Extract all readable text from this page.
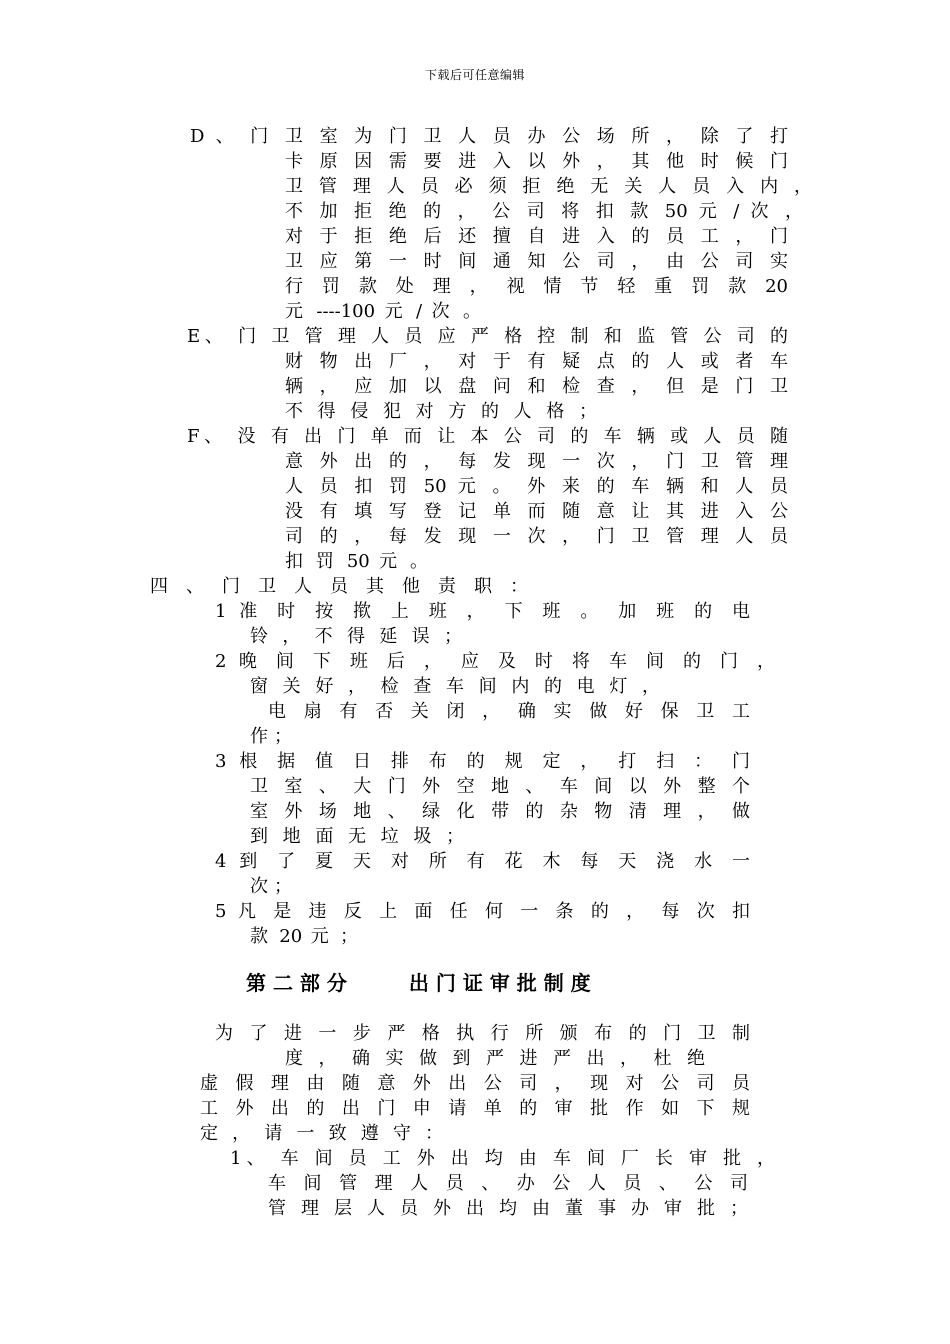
下载后可任意编辑
D 、 门 卫 室 为 门 卫 人 员 办 公 场 所 ， 除 了 打
卡 原 因 需 要 进 入 以 外 ， 其 他 时 候 门
卫 管 理 人 员 必 须 拒 绝 无 关 人 员 入 内 ，
不 加 拒 绝 的 ， 公 司 将 扣 款 50 元 / 次 ，
对 于 拒 绝 后 还 擅 自 进 入 的 员 工 ， 门
卫 应 第 一 时 间 通 知 公 司 ， 由 公 司 实
行 罚 款 处 理 ， 视 情 节 轻 重 罚 款 20
元 ----100 元 / 次 。
E、 门 卫 管 理 人 员 应 严 格 控 制 和 监 管 公 司 的
财 物 出 厂 ， 对 于 有 疑 点 的 人 或 者 车
辆 ， 应 加 以 盘 问 和 检 查 ， 但 是 门 卫
不 得 侵 犯 对 方 的 人 格 ；
F、 没 有 出 门 单 而 让 本 公 司 的 车 辆 或 人 员 随
意 外 出 的 ， 每 发 现 一 次 ， 门 卫 管 理
人 员 扣 罚 50 元 。 外 来 的 车 辆 和 人 员
没 有 填 写 登 记 单 而 随 意 让 其 进 入 公
司 的 ， 每 发 现 一 次 ， 门 卫 管 理 人 员
扣 罚 50 元 。
四 、 门 卫 人 员 其 他 责 职 ：
1 准 时 按 揿 上 班 ， 下 班 。 加 班 的 电
铃 ， 不 得 延 误 ；
2 晚 间 下 班 后 ， 应 及 时 将 车 间 的 门 ，
窗 关 好 ， 检 查 车 间 内 的 电 灯 ，
电 扇 有 否 关 闭 ， 确 实 做 好 保 卫 工
作 ；
3 根 据 值 日 排 布 的 规 定 ， 打 扫 ： 门
卫 室 、 大 门 外 空 地 、 车 间 以 外 整 个
室 外 场 地 、 绿 化 带 的 杂 物 清 理 ， 做
到 地 面 无 垃 圾 ；
4 到 了 夏 天 对 所 有 花 木 每 天 浇 水 一
次 ；
5 凡 是 违 反 上 面 任 何 一 条 的 ， 每 次 扣
款 20 元 ；
第 二 部 分	出 门 证 审 批 制 度
为 了 进 一 步 严 格 执 行 所 颁 布 的 门 卫 制
度 ， 确 实 做 到 严 进 严 出 ， 杜 绝
虚 假 理 由 随 意 外 出 公 司 ， 现 对 公 司 员
工 外 出 的 出 门 申 请 单 的 审 批 作 如 下 规
定 ， 请 一 致 遵 守 ：
1、 车 间 员 工 外 出 均 由 车 间 厂 长 审 批 ，
车 间 管 理 人 员 、 办 公 人 员 、 公 司
管 理 层 人 员 外 出 均 由 董 事 办 审 批 ；
